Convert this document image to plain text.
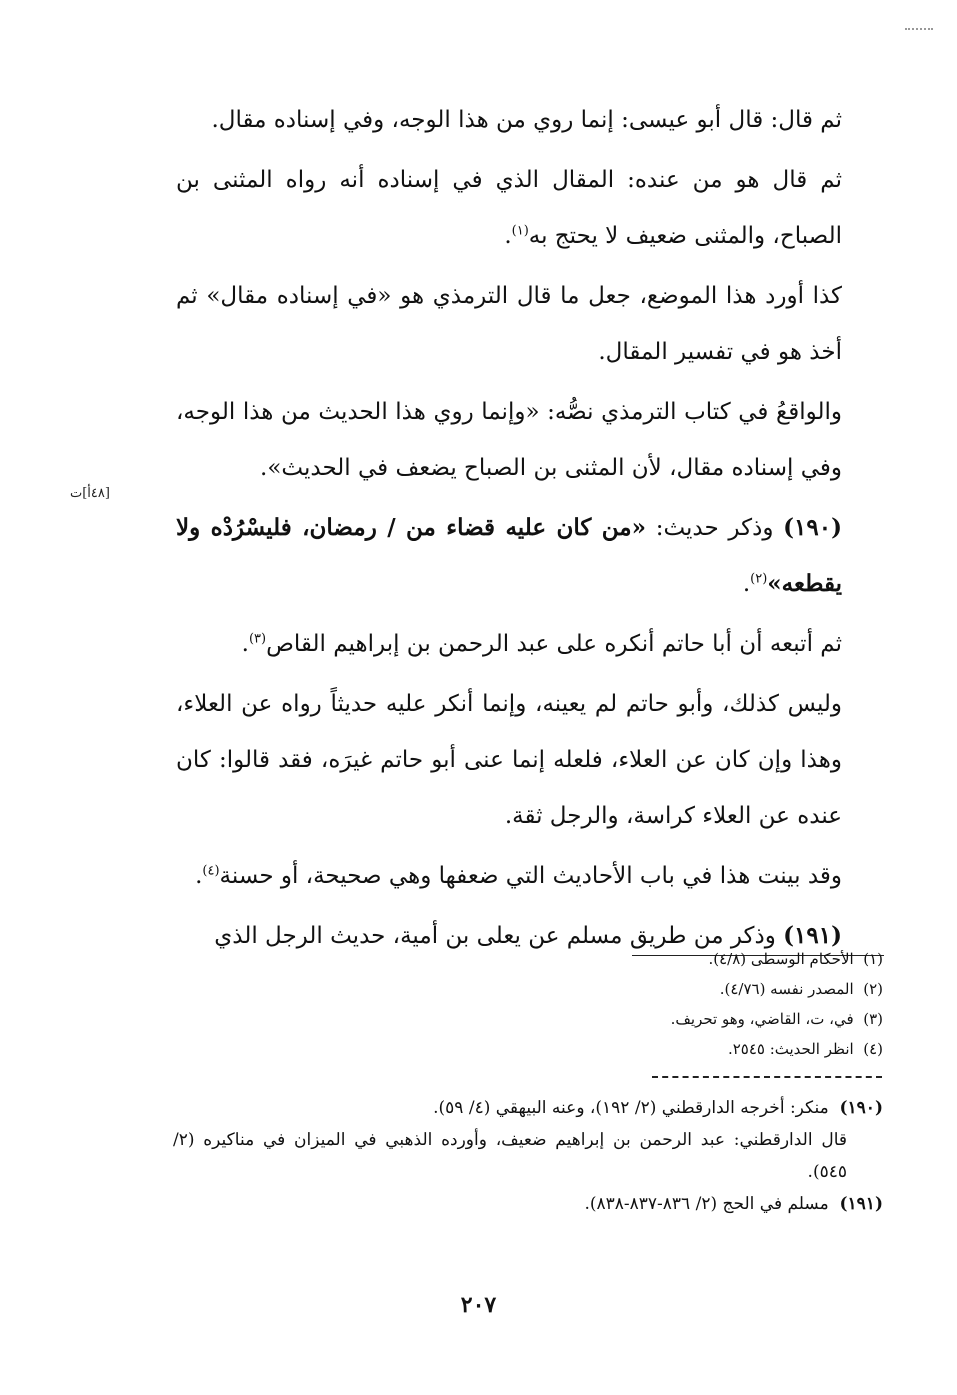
ثم قال: قال أبو عيسى: إنما روي من هذا الوجه، وفي إسناده مقال.

ثم قال هو من عنده: المقال الذي في إسناده أنه رواه المثنى بن الصباح، والمثنى ضعيف لا يحتج به$^{(١)}$.

كذا أورد هذا الموضع، جعل ما قال الترمذي هو «في إسناده مقال» ثم أخذ هو في تفسير المقال.

والواقعُ في كتاب الترمذي نصُّه: «وإنما روي هذا الحديث من هذا الوجه، وفي إسناده مقال، لأن المثنى بن الصباح يضعف في الحديث».

(١٩٠) وذكر حديث: «من كان عليه قضاء من / رمضان، فليسْرُدْه ولا يقطعه»$^{(٢)}$.

ثم أتبعه أن أبا حاتم أنكره على عبد الرحمن بن إبراهيم القاص$^{(٣)}$.

وليس كذلك، وأبو حاتم لم يعينه، وإنما أنكر عليه حديثاً رواه عن العلاء، وهذا وإن كان عن العلاء، فلعله إنما عنى أبو حاتم غيرَه، فقد قالوا: كان عنده عن العلاء كراسة، والرجل ثقة.

وقد بينت هذا في باب الأحاديث التي ضعفها وهي صحيحة، أو حسنة$^{(٤)}$.

(١٩١) وذكر من طريق مسلم عن يعلى بن أمية، حديث الرجل الذي

[٤٨أ]ت

(١)  الأحكام الوسطى (٤/٨).

(٢)  المصدر نفسه (٤/٧٦).

(٣)  في، ت، القاضي، وهو تحريف.

(٤)  انظر الحديث: ٢٥٤٥.

(١٩٠)  منكر: أخرجه الدارقطني (٢/ ١٩٢)، وعنه البيهقي (٤/ ٥٩).

قال الدارقطني: عبد الرحمن بن إبراهيم ضعيف، وأورده الذهبي في الميزان في مناكيره (٢/ ٥٤٥).

(١٩١)  مسلم في الحج (٢/ ٨٣٦-٨٣٧-٨٣٨).

٢٠٧
